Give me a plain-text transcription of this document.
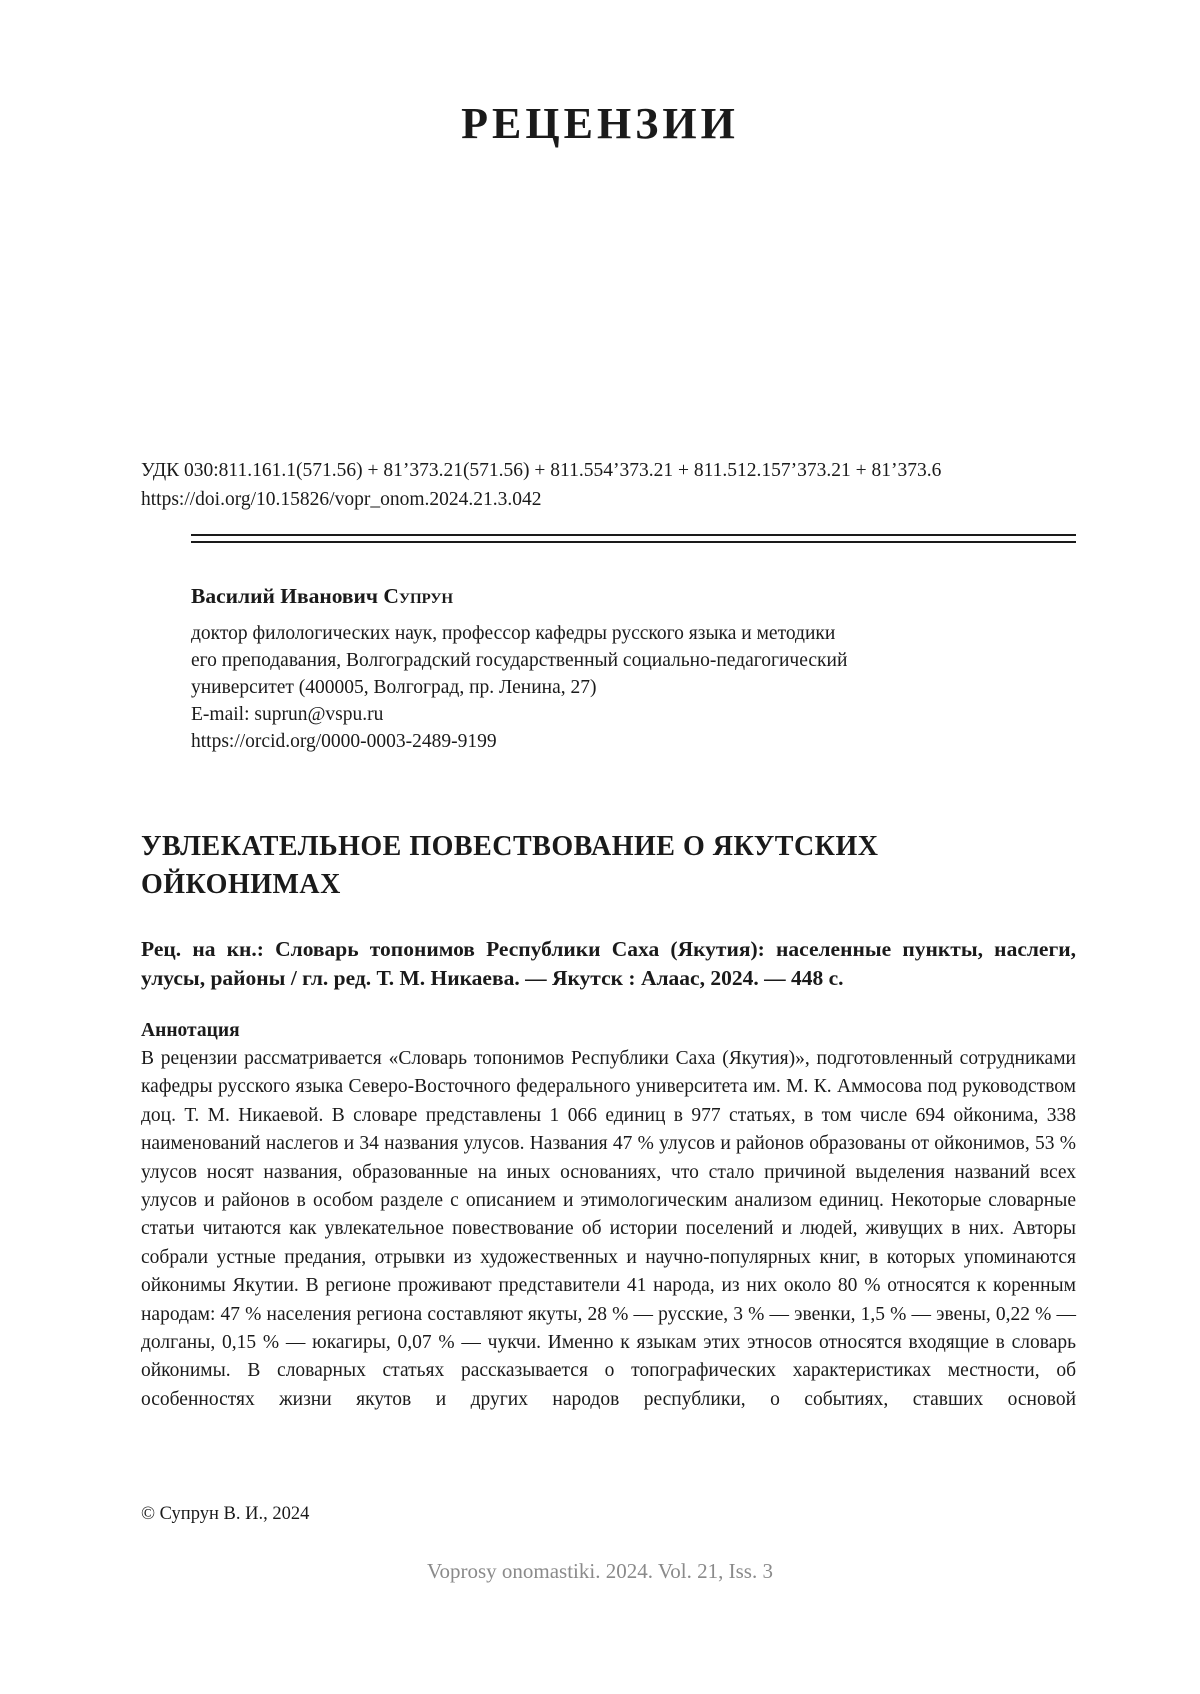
РЕЦЕНЗИИ
УДК 030:811.161.1(571.56) + 81’373.21(571.56) + 811.554’373.21 + 811.512.157’373.21 + 81’373.6
https://doi.org/10.15826/vopr_onom.2024.21.3.042
Василий Иванович Супрун
доктор филологических наук, профессор кафедры русского языка и методики
его преподавания, Волгоградский государственный социально-педагогический
университет (400005, Волгоград, пр. Ленина, 27)
E-mail: suprun@vspu.ru
https://orcid.org/0000-0003-2489-9199
УВЛЕКАТЕЛЬНОЕ ПОВЕСТВОВАНИЕ О ЯКУТСКИХ ОЙКОНИМАХ
Рец. на кн.: Словарь топонимов Республики Саха (Якутия): населенные пункты, наслеги, улусы, районы / гл. ред. Т. М. Никаева. — Якутск : Алаас, 2024. — 448 с.
Аннотация
В рецензии рассматривается «Словарь топонимов Республики Саха (Якутия)», подготовленный сотрудниками кафедры русского языка Северо-Восточного федерального университета им. М. К. Аммосова под руководством доц. Т. М. Никаевой. В словаре представлены 1 066 единиц в 977 статьях, в том числе 694 ойконима, 338 наименований наслегов и 34 названия улусов. Названия 47 % улусов и районов образованы от ойконимов, 53 % улусов носят названия, образованные на иных основаниях, что стало причиной выделения названий всех улусов и районов в особом разделе с описанием и этимологическим анализом единиц. Некоторые словарные статьи читаются как увлекательное повествование об истории поселений и людей, живущих в них. Авторы собрали устные предания, отрывки из художественных и научно-популярных книг, в которых упоминаются ойконимы Якутии. В регионе проживают представители 41 народа, из них около 80 % относятся к коренным народам: 47 % населения региона составляют якуты, 28 % — русские, 3 % — эвенки, 1,5 % — эвены, 0,22 % — долганы, 0,15 % — юкагиры, 0,07 % — чукчи. Именно к языкам этих этносов относятся входящие в словарь ойконимы. В словарных статьях рассказывается о топографических характеристиках местности, об особенностях жизни якутов и других народов республики, о событиях, ставших основой
© Супрун В. И., 2024
Voprosy onomastiki. 2024. Vol. 21, Iss. 3
